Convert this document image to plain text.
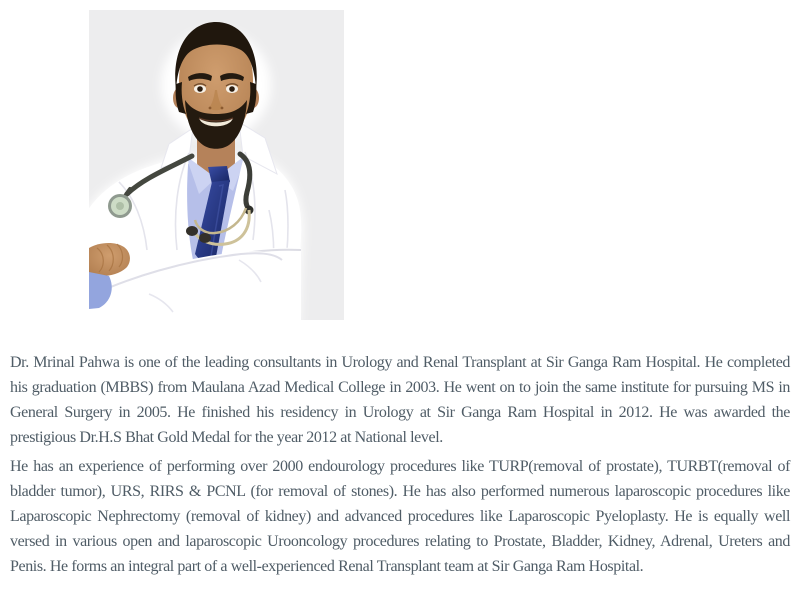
Dr. Mrinal Pahwa is one of the leading consultants in Urology and Renal Transplant at Sir Ganga Ram Hospital. He completed his graduation (MBBS) from Maulana Azad Medical College in 2003. He went on to join the same institute for pursuing MS in General Surgery in 2005. He finished his residency in Urology at Sir Ganga Ram Hospital in 2012. He was awarded the prestigious Dr.H.S Bhat Gold Medal for the year 2012 at National level.

He has an experience of performing over 2000 endourology procedures like TURP(removal of prostate), TURBT(removal of bladder tumor), URS, RIRS & PCNL (for removal of stones). He has also performed numerous laparoscopic procedures like Laparoscopic Nephrectomy (removal of kidney) and advanced procedures like Laparoscopic Pyeloplasty. He is equally well versed in various open and laparoscopic Urooncology procedures relating to Prostate, Bladder, Kidney, Adrenal, Ureters and Penis. He forms an integral part of a well-experienced Renal Transplant team at Sir Ganga Ram Hospital.
